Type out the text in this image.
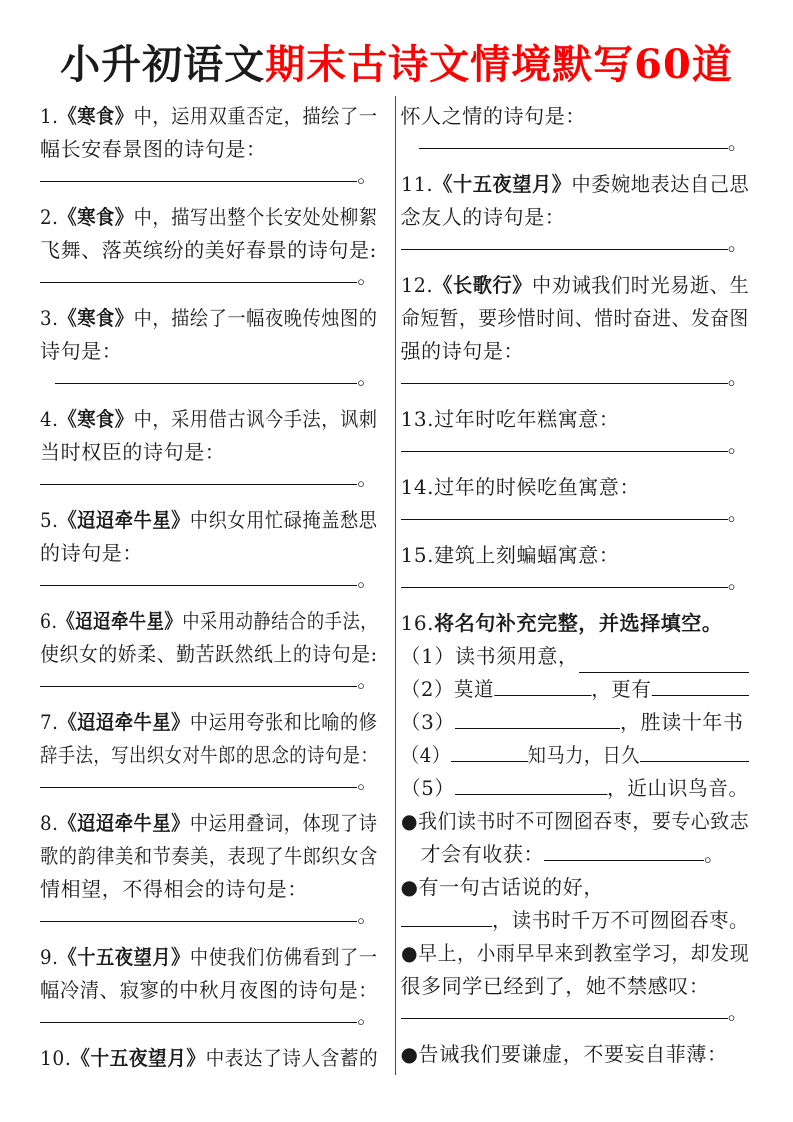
小升初语文期末古诗文情境默写60道
1. 《寒食》 中，运用双重否定，描绘了一
幅长安春景图的诗句是：
。
2. 《寒食》 中，描写出整个长安处处柳絮
飞舞、落英缤纷的美好春景的诗句是:
。
3. 《寒食》 中，描绘了一幅夜晚传烛图的
诗句是：
。
4. 《寒食》 中，采用借古讽今手法，讽刺
当时权臣的诗句是：
。
5. 《迢迢牵牛星》 中织女用忙碌掩盖愁思
的诗句是：
。
6. 《迢迢牵牛星》 中采用动静结合的手法，
使织女的娇柔、勤苦跃然纸上的诗句是:
。
7. 《迢迢牵牛星》 中运用夸张和比喻的修
辞手法，写出织女对牛郎的思念的诗句是：
。
8. 《迢迢牵牛星》 中运用叠词，体现了诗
歌的韵律美和节奏美，表现了牛郎织女含
情相望，不得相会的诗句是：
。
9. 《十五夜望月》 中使我们仿佛看到了一
幅冷清、寂寥的中秋月夜图的诗句是：
。
10. 《十五夜望月》 中表达了诗人含蓄的
怀人之情的诗句是：
。
11. 《十五夜望月》 中委婉地表达自己思
念友人的诗句是：
。
12. 《长歌行》 中劝诫我们时光易逝、生
命短暂，要珍惜时间、惜时奋进、发奋图
强的诗句是：
。
13.过年时吃年糕寓意：
。
14.过年的时候吃鱼寓意：
。
15.建筑上刻蝙蝠寓意：
。
16. 将名句补充完整，并选择填空。
（1）读书须用意，
（2）莫道	，更有
（3）	，胜读十年书
（4）	知马力，日久
（5）	，近山识鸟音。
●我们读书时不可囫囵吞枣，要专心致志
才会有收获：	。
●有一句古话说的好，
，读书时千万不可囫囵吞枣。
●早上，小雨早早来到教室学习，却发现
很多同学已经到了，她不禁感叹：
。
●告诫我们要谦虚，不要妄自菲薄：
